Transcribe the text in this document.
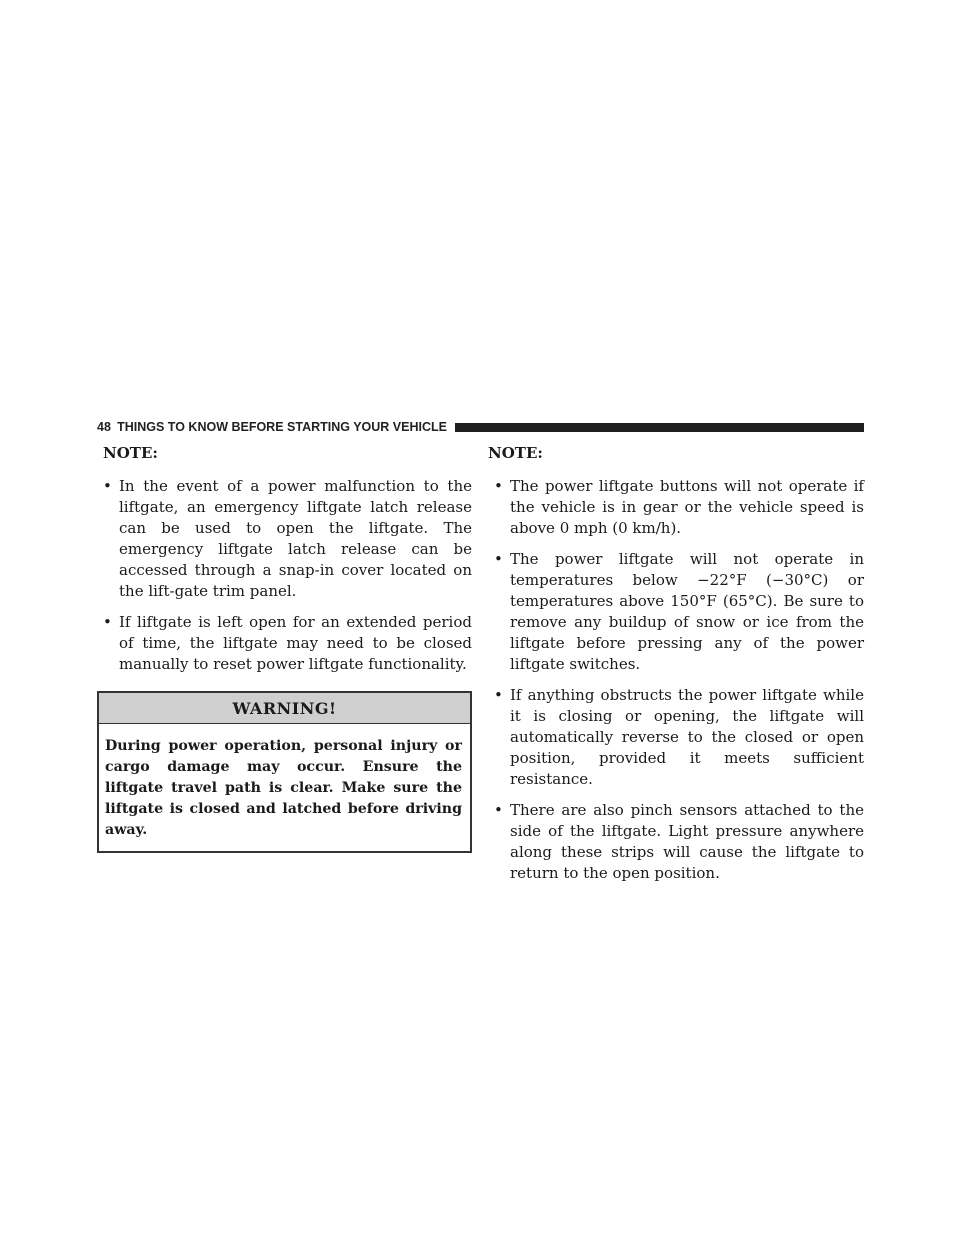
48 THINGS TO KNOW BEFORE STARTING YOUR VEHICLE
NOTE:
• In the event of a power malfunction to the liftgate, an emergency liftgate latch release can be used to open the liftgate. The emergency liftgate latch release can be accessed through a snap-in cover located on the lift-gate trim panel.
• If liftgate is left open for an extended period of time, the liftgate may need to be closed manually to reset power liftgate functionality.
WARNING!
During power operation, personal injury or cargo damage may occur. Ensure the liftgate travel path is clear. Make sure the liftgate is closed and latched before driving away.
NOTE:
• The power liftgate buttons will not operate if the vehicle is in gear or the vehicle speed is above 0 mph (0 km/h).
• The power liftgate will not operate in temperatures below −22°F (−30°C) or temperatures above 150°F (65°C). Be sure to remove any buildup of snow or ice from the liftgate before pressing any of the power liftgate switches.
• If anything obstructs the power liftgate while it is closing or opening, the liftgate will automatically reverse to the closed or open position, provided it meets sufficient resistance.
• There are also pinch sensors attached to the side of the liftgate. Light pressure anywhere along these strips will cause the liftgate to return to the open position.
